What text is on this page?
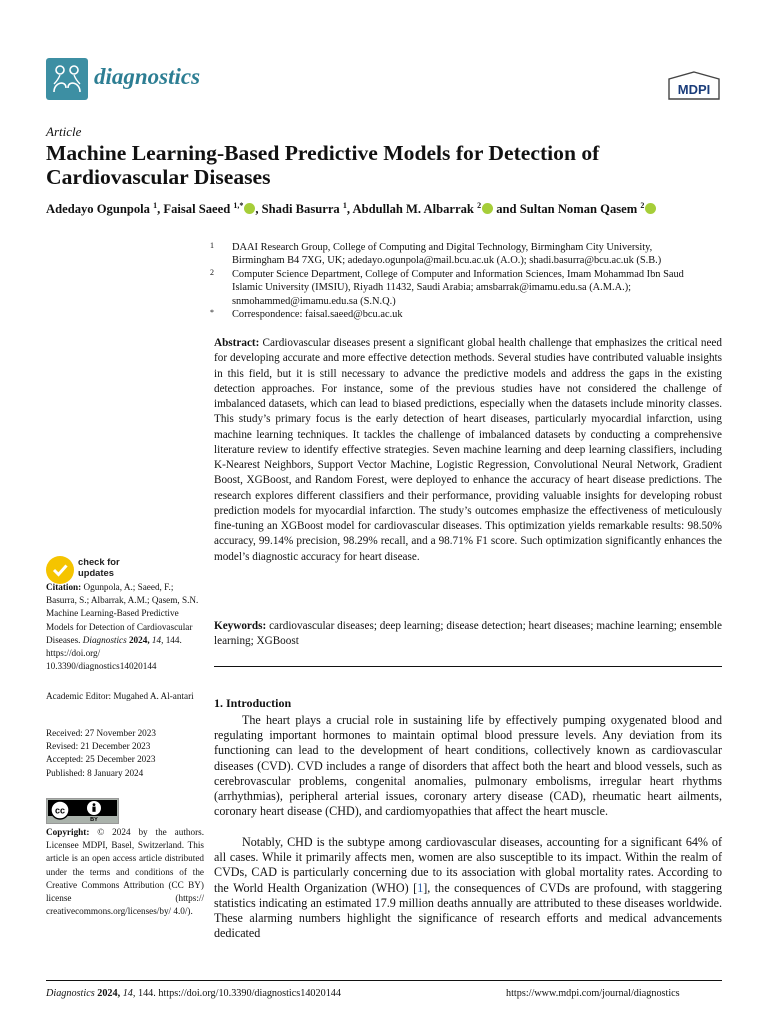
diagnostics
MDPI
Article
Machine Learning-Based Predictive Models for Detection of
Cardiovascular Diseases
Adedayo Ogunpola $^1$, Faisal Saeed $^{1,*}$ , Shadi Basurra $^1$, Abdullah M. Albarrak $^2$ and Sultan Noman Qasem $^2$
1 DAAI Research Group, College of Computing and Digital Technology, Birmingham City University,
Birmingham B4 7XG, UK; adedayo.ogunpola@mail.bcu.ac.uk (A.O.); shadi.basurra@bcu.ac.uk (S.B.)
2 Computer Science Department, College of Computer and Information Sciences, Imam Mohammad Ibn Saud
Islamic University (IMSIU), Riyadh 11432, Saudi Arabia; amsbarrak@imamu.edu.sa (A.M.A.);
snmohammed@imamu.edu.sa (S.N.Q.)
*	Correspondence: faisal.saeed@bcu.ac.uk
Abstract: Cardiovascular diseases present a significant global health challenge that emphasizes the critical need for developing accurate and more effective detection methods. Several studies have contributed valuable insights in this field, but it is still necessary to advance the predictive models and address the gaps in the existing detection approaches. For instance, some of the previous studies have not considered the challenge of imbalanced datasets, which can lead to biased predictions, especially when the datasets include minority classes. This study’s primary focus is the early detection of heart diseases, particularly myocardial infarction, using machine learning techniques. It tackles the challenge of imbalanced datasets by conducting a comprehensive literature review to identify effective strategies. Seven machine learning and deep learning classifiers, including K-Nearest Neighbors, Support Vector Machine, Logistic Regression, Convolutional Neural Network, Gradient Boost, XGBoost, and Random Forest, were deployed to enhance the accuracy of heart disease predictions. The research explores different classifiers and their performance, providing valuable insights for developing robust prediction models for myocardial infarction. The study’s outcomes emphasize the effectiveness of meticulously fine-tuning an XGBoost model for cardiovascular diseases. This optimization yields remarkable results: 98.50% accuracy, 99.14% precision, 98.29% recall, and a 98.71% F1 score. Such optimization significantly enhances the model’s diagnostic accuracy for heart disease.
Keywords: cardiovascular diseases; deep learning; disease detection; heart diseases; machine learning; ensemble learning; XGBoost
check for
updates
Citation: Ogunpola, A.; Saeed, F.; Basurra, S.; Albarrak, A.M.; Qasem, S.N. Machine Learning-Based Predictive Models for Detection of Cardiovascular Diseases. Diagnostics 2024, 14, 144. https://doi.org/ 10.3390/diagnostics14020144
Academic Editor: Mugahed A. Al-antari
Received: 27 November 2023
Revised: 21 December 2023
Accepted: 25 December 2023
Published: 8 January 2024
cc
BY
Copyright: © 2024 by the authors. Licensee MDPI, Basel, Switzerland. This article is an open access article distributed under the terms and conditions of the Creative Commons Attribution (CC BY) license (https:// creativecommons.org/licenses/by/ 4.0/).
1. Introduction
The heart plays a crucial role in sustaining life by effectively pumping oxygenated blood and regulating important hormones to maintain optimal blood pressure levels. Any deviation from its functioning can lead to the development of heart conditions, collectively known as cardiovascular diseases (CVD). CVD includes a range of disorders that affect both the heart and blood vessels, such as cerebrovascular problems, congenital anomalies, pulmonary embolisms, irregular heart rhythms (arrhythmias), peripheral arterial issues, coronary artery disease (CAD), rheumatic heart ailments, coronary heart disease (CHD), and cardiomyopathies that affect the heart muscle.
Notably, CHD is the subtype among cardiovascular diseases, accounting for a significant 64% of all cases. While it primarily affects men, women are also susceptible to its impact. Within the realm of CVDs, CAD is particularly concerning due to its association with global mortality rates. According to the World Health Organization (WHO) [1], the consequences of CVDs are profound, with staggering statistics indicating an estimated 17.9 million deaths annually are attributed to these diseases worldwide. These alarming numbers highlight the significance of research efforts and medical advancements dedicated
Diagnostics 2024, 14, 144. https://doi.org/10.3390/diagnostics14020144	https://www.mdpi.com/journal/diagnostics
